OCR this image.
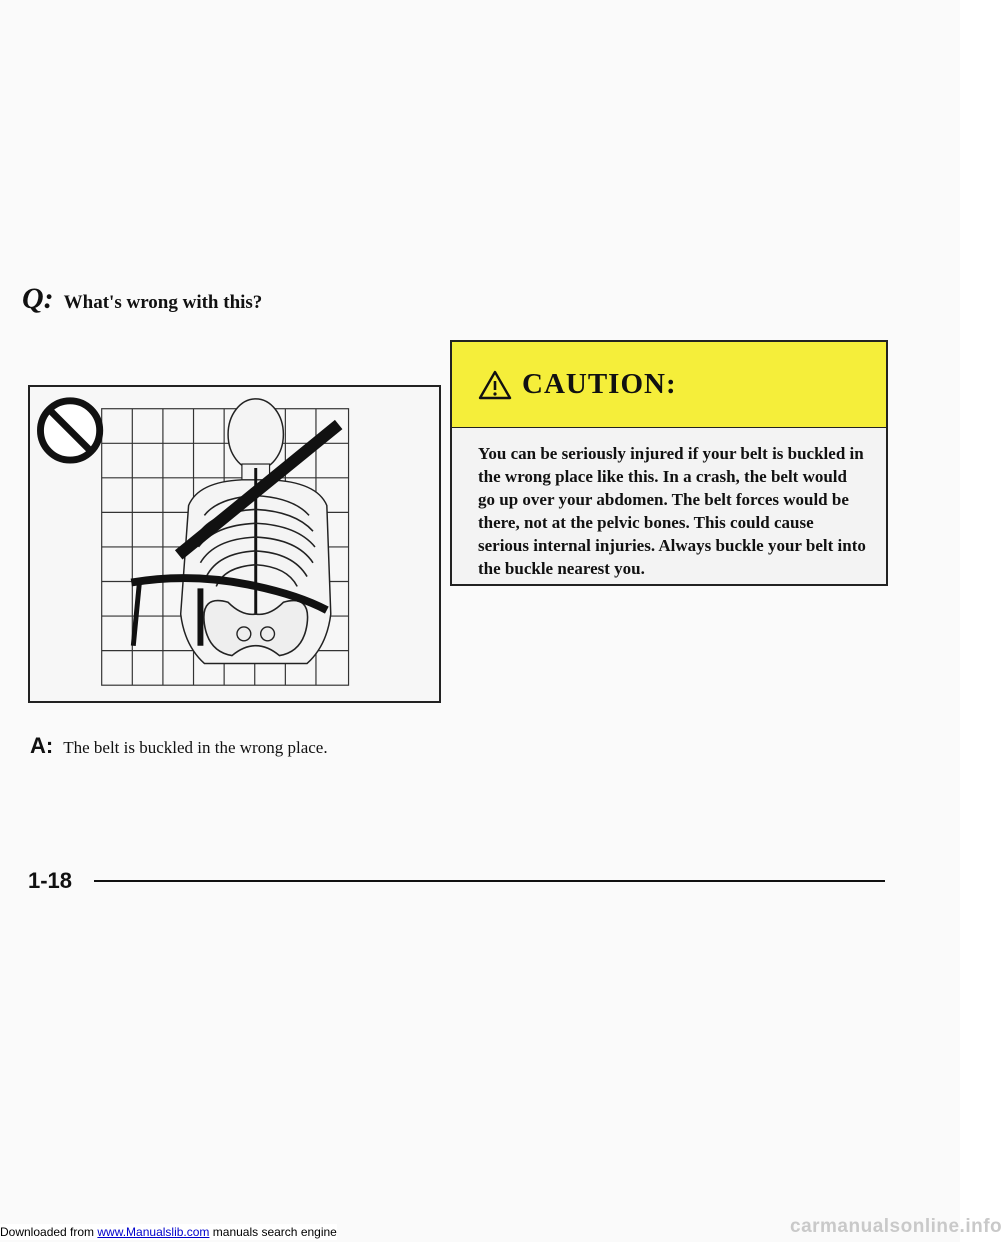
Q: What's wrong with this?
A: The belt is buckled in the wrong place.
CAUTION:
You can be seriously injured if your belt is buckled in the wrong place like this. In a crash, the belt would go up over your abdomen. The belt forces would be there, not at the pelvic bones. This could cause serious internal injuries. Always buckle your belt into the buckle nearest you.
1-18
Downloaded from www.Manualslib.com manuals search engine	carmanualsonline.info
